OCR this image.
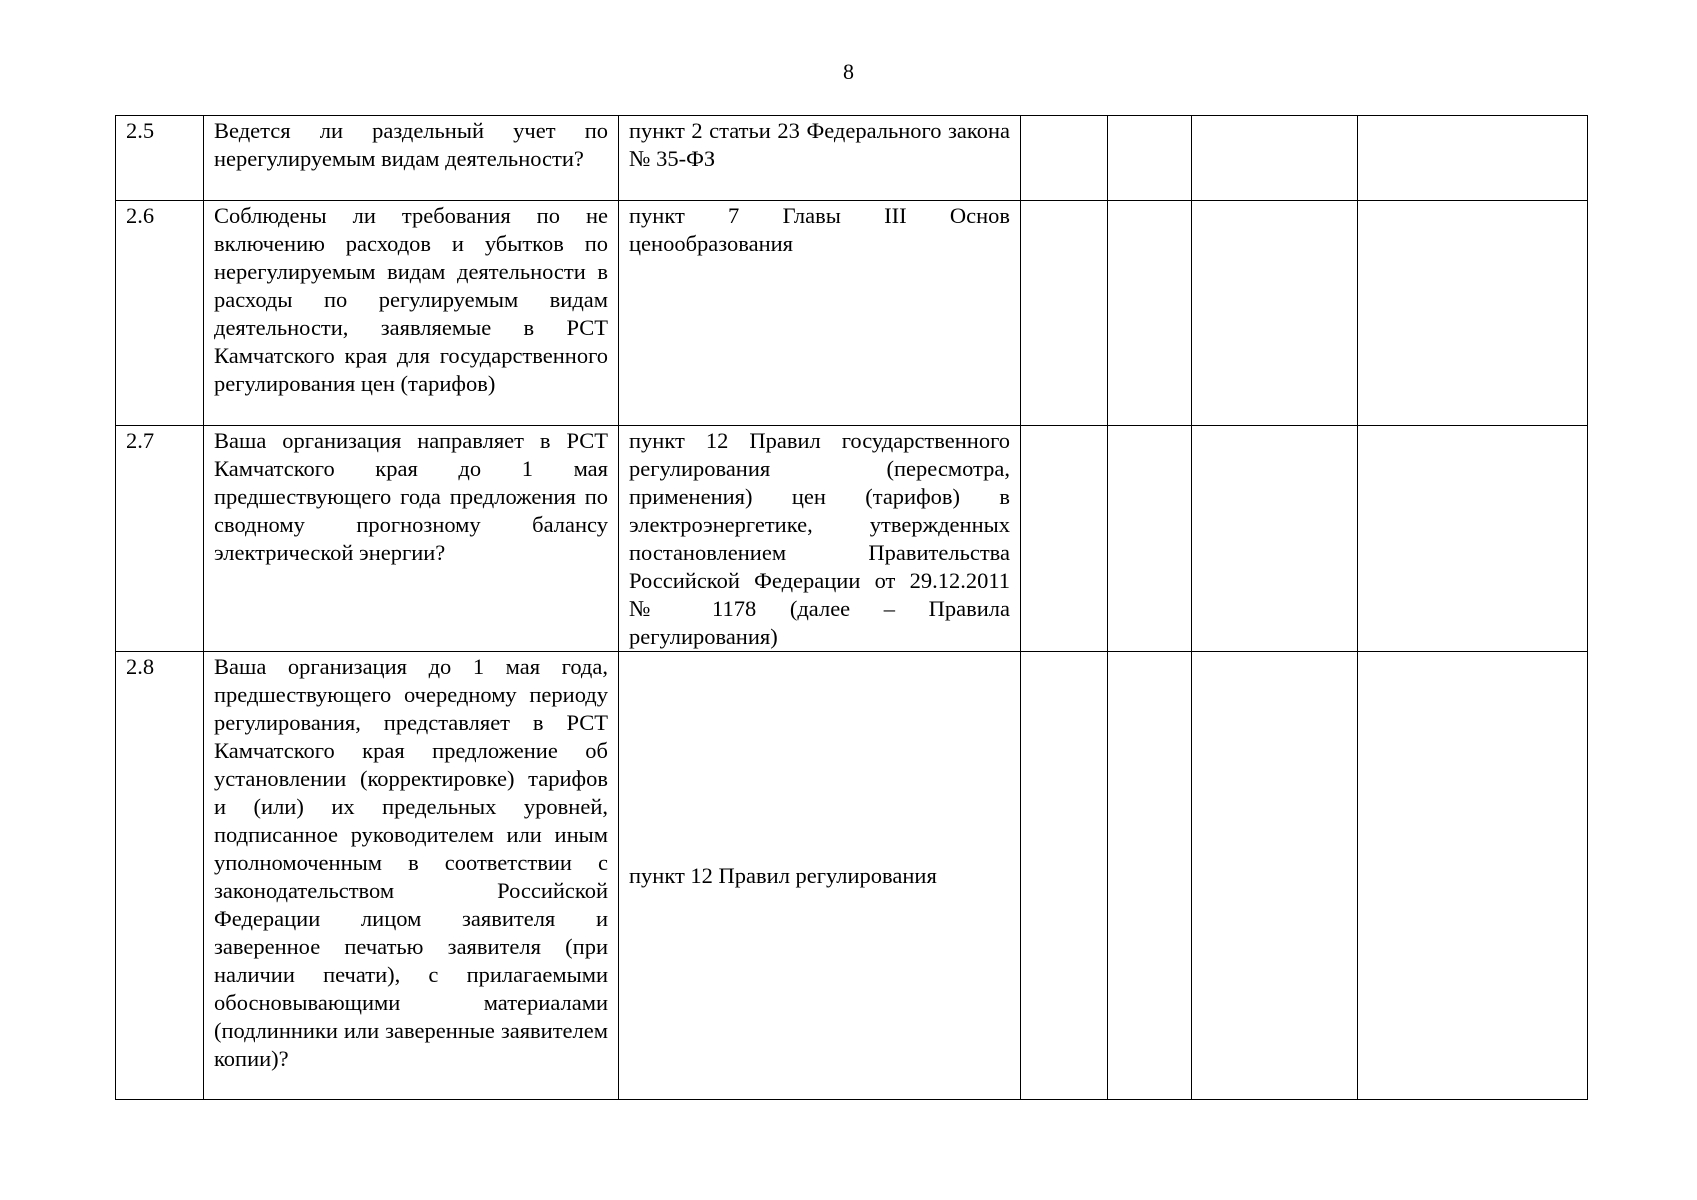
8
2.5	Ведется ли раздельный учет по нерегулируемым видам деятельности?	пункт 2 статьи 23 Федерального закона № 35-ФЗ				
2.6	Соблюдены ли требования по не включению расходов и убытков по нерегулируемым видам деятельности в расходы по регулируемым видам деятельности, заявляемые в РСТ Камчатского края для государственного регулирования цен (тарифов)	пункт 7 Главы III Основ ценообразования				
2.7	Ваша организация направляет в РСТ Камчатского края до 1 мая предшествующего года предложения по сводному прогнозному балансу электрической энергии?	пункт 12 Правил государственного регулирования (пересмотра, применения) цен (тарифов) в электроэнергетике, утвержденных постановлением Правительства Российской Федерации от 29.12.2011 № 1178 (далее – Правила регулирования)				
2.8	Ваша организация до 1 мая года, предшествующего очередному периоду регулирования, представляет в РСТ Камчатского края предложение об установлении (корректировке) тарифов и (или) их предельных уровней, подписанное руководителем или иным уполномоченным в соответствии с законодательством Российской Федерации лицом заявителя и заверенное печатью заявителя (при наличии печати), с прилагаемыми обосновывающими материалами (подлинники или заверенные заявителем копии)?	пункт 12 Правил регулирования				
